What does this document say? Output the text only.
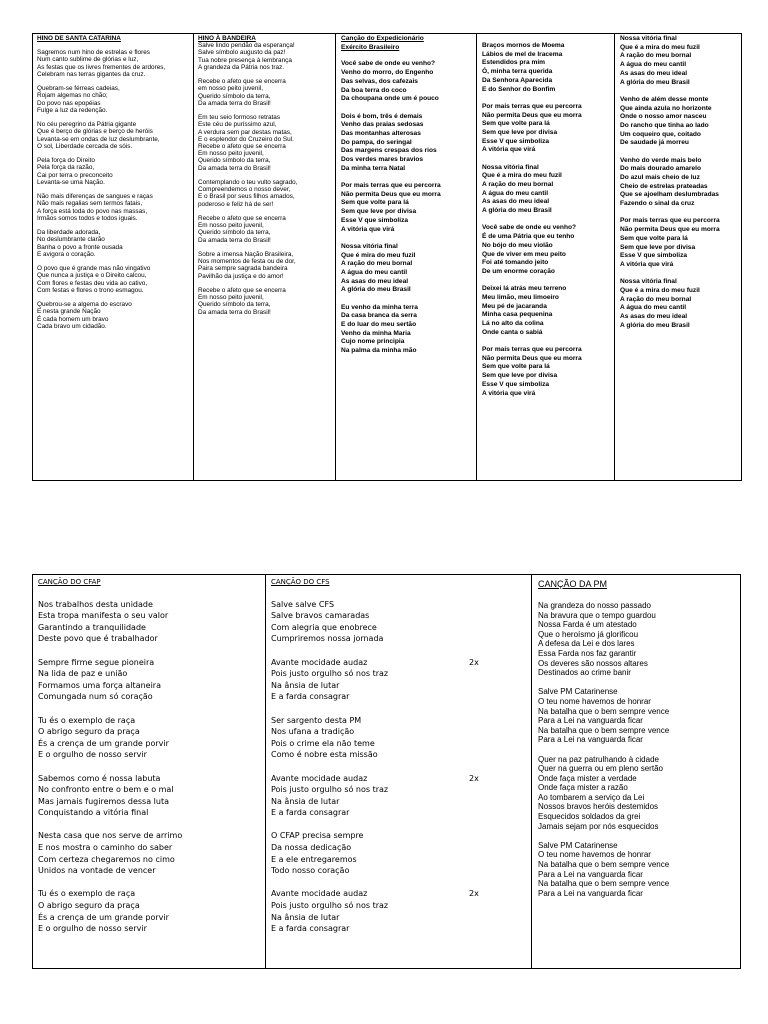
HINO DE SANTA CATARINA
Sagremos num hino de estrelas e flores
Num canto sublime de glórias e luz,
As festas que os livres frementes de ardores,
Celebram nas terras gigantes da cruz.
Quebram-se férreas cadeias,
Rojam algemas no chão;
Do povo nas epopéias
Fulge a luz da redenção.
No céu peregrino da Pátria gigante
Que é berço de glórias e berço de heróis
Levanta-se em ondas de luz deslumbrante,
O sol, Liberdade cercada de sóis.
Pela força do Direito
Pela força da razão,
Cai por terra o preconceito
Levanta-se uma Nação.
Não mais diferenças de sangues e raças
Não mais regalias sem termos fatais,
A força está toda do povo nas massas,
Irmãos somos todos e todos iguais.
Da liberdade adorada,
No deslumbrante clarão
Banha o povo a fronte ousada
E avigora o coração.
O povo que é grande mas não vingativo
Que nunca a justiça e o Direito calcou,
Com flores e festas deu vida ao cativo,
Com festas e flores o trono esmagou.
Quebrou-se a algema do escravo
E nesta grande Nação
É cada homem um bravo
Cada bravo um cidadão.
HINO À BANDEIRA
Salve lindo pendão da esperança!
Salve símbolo augusto da paz!
Tua nobre presença à lembrança
A grandeza da Pátria nos traz.
Recebe o afeto que se encerra
em nosso peito juvenil,
Querido símbolo da terra,
Da amada terra do Brasil!
Em teu seio formoso retratas
Este céu de puríssimo azul,
A verdura sem par destas matas,
E o esplendor do Cruzeiro do Sul.
Recebe o afeto que se encerra
Em nosso peito juvenil,
Querido símbolo da terra,
Da amada terra do Brasil!
Contemplando o teu vulto sagrado,
Compreendemos o nosso dever,
E o Brasil por seus filhos amados,
poderoso e feliz há de ser!
Recebe o afeto que se encerra
Em nosso peito juvenil,
Querido símbolo da terra,
Da amada terra do Brasil!
Sobre a imensa Nação Brasileira,
Nos momentos de festa ou de dor,
Paira sempre sagrada bandeira
Pavilhão da justiça e do amor!
Recebe o afeto que se encerra
Em nosso peito juvenil,
Querido símbolo da terra,
Da amada terra do Brasil!
Canção do Expedicionário
Exército Brasileiro
Você sabe de onde eu venho?
Venho do morro, do Engenho
Das selvas, dos cafezais
Da boa terra do coco
Da choupana onde um é pouco
Dois é bom, três é demais
Venho das praias sedosas
Das montanhas alterosas
Do pampa, do seringal
Das margens crespas dos rios
Dos verdes mares bravios
Da minha terra Natal
Por mais terras que eu percorra
Não permita Deus que eu morra
Sem que volte para lá
Sem que leve por divisa
Esse V que simboliza
A vitória que virá
Nossa vitória final
Que é mira do meu fuzil
A ração do meu bornal
A água do meu cantil
As asas do meu ideal
A glória do meu Brasil
Eu venho da minha terra
Da casa branca da serra
E do luar do meu sertão
Venho da minha Maria
Cujo nome principia
Na palma da minha mão
Braços mornos de Moema
Lábios de mel de Iracema
Estendidos pra mim
Ó, minha terra querida
Da Senhora Aparecida
E do Senhor do Bonfim
Por mais terras que eu percorra
Não permita Deus que eu morra
Sem que volte para lá
Sem que leve por divisa
Esse V que simboliza
A vitória que virá
Nossa vitória final
Que é a mira do meu fuzil
A ração do meu bornal
A água do meu cantil
As asas do meu ideal
A glória do meu Brasil
Você sabe de onde eu venho?
É de uma Pátria que eu tenho
No bójo do meu violão
Que de viver em meu peito
Foi até tomando jeito
De um enorme coração
Deixei lá atrás meu terreno
Meu limão, meu limoeiro
Meu pé de jacaranda
Minha casa pequenina
Lá no alto da colina
Onde canta o sabiá
Por mais terras que eu percorra
Não permita Deus que eu morra
Sem que volte para lá
Sem que leve por divisa
Esse V que simboliza
A vitória que virá
Nossa vitória final
Que é a mira do meu fuzil
A ração do meu bornal
A água do meu cantil
As asas do meu ideal
A glória do meu Brasil
Venho de além desse monte
Que ainda azula no horizonte
Onde o nosso amor nasceu
Do rancho que tinha ao lado
Um coqueiro que, coitado
De saudade já morreu
Venho do verde mais belo
Do mais dourado amarelo
Do azul mais cheio de luz
Cheio de estrelas prateadas
Que se ajoelham deslumbradas
Fazendo o sinal da cruz
Por mais terras que eu percorra
Não permita Deus que eu morra
Sem que volte para lá
Sem que leve por divisa
Esse V que simboliza
A vitória que virá
Nossa vitória final
Que é a mira do meu fuzil
A ração do meu bornal
A água do meu cantil
As asas do meu ideal
A glória do meu Brasil
CANÇÃO DO CFAP
Nos trabalhos desta unidade
Esta tropa manifesta o seu valor
Garantindo a tranquilidade
Deste povo que é trabalhador
Sempre firme segue pioneira
Na lida de paz e união
Formamos uma força altaneira
Comungada num só coração
Tu és o exemplo de raça
O abrigo seguro da praça
És a crença de um grande porvir
E o orgulho de nosso servir
Sabemos como é nossa labuta
No confronto entre o bem e o mal
Mas jamais fugiremos dessa luta
Conquistando a vitória final
Nesta casa que nos serve de arrimo
E nos mostra o caminho do saber
Com certeza chegaremos no cimo
Unidos na vontade de vencer
Tu és o exemplo de raça
O abrigo seguro da praça
És a crença de um grande porvir
E o orgulho de nosso servir
CANÇÃO DO CFS
Salve salve CFS
Salve bravos camaradas
Com alegria que enobrece
Cumpriremos nossa jornada
Avante mocidade audaz
Pois justo orgulho só nos traz
Na ânsia de lutar
E a farda consagrar
2x
Ser sargento desta PM
Nos ufana a tradição
Pois o crime ela não teme
Como é nobre esta missão
Avante mocidade audaz
Pois justo orgulho só nos traz
Na ânsia de lutar
E a farda consagrar
2x
O CFAP precisa sempre
Da nossa dedicação
E a ele entregaremos
Todo nosso coração
Avante mocidade audaz
Pois justo orgulho só nos traz
Na ânsia de lutar
E a farda consagrar
2x
CANÇÃO DA PM
Na grandeza do nosso passado
Na bravura que o tempo guardou
Nossa Farda é um atestado
Que o heroísmo já glorificou
A defesa da Lei e dos lares
Essa Farda nos faz garantir
Os deveres são nossos altares
Destinados ao crime banir
Salve PM Catarinense
O teu nome havemos de honrar
Na batalha que o bem sempre vence
Para a Lei na vanguarda ficar
Na batalha que o bem sempre vence
Para a Lei na vanguarda ficar
Quer na paz patrulhando à cidade
Quer na guerra ou em pleno sertão
Onde faça mister a verdade
Onde faça mister a razão
Ao tombarem a serviço da Lei
Nossos bravos heróis destemidos
Esquecidos soldados da grei
Jamais sejam por nós esquecidos
Salve PM Catarinense
O teu nome havemos de honrar
Na batalha que o bem sempre vence
Para a Lei na vanguarda ficar
Na batalha que o bem sempre vence
Para a Lei na vanguarda ficar
